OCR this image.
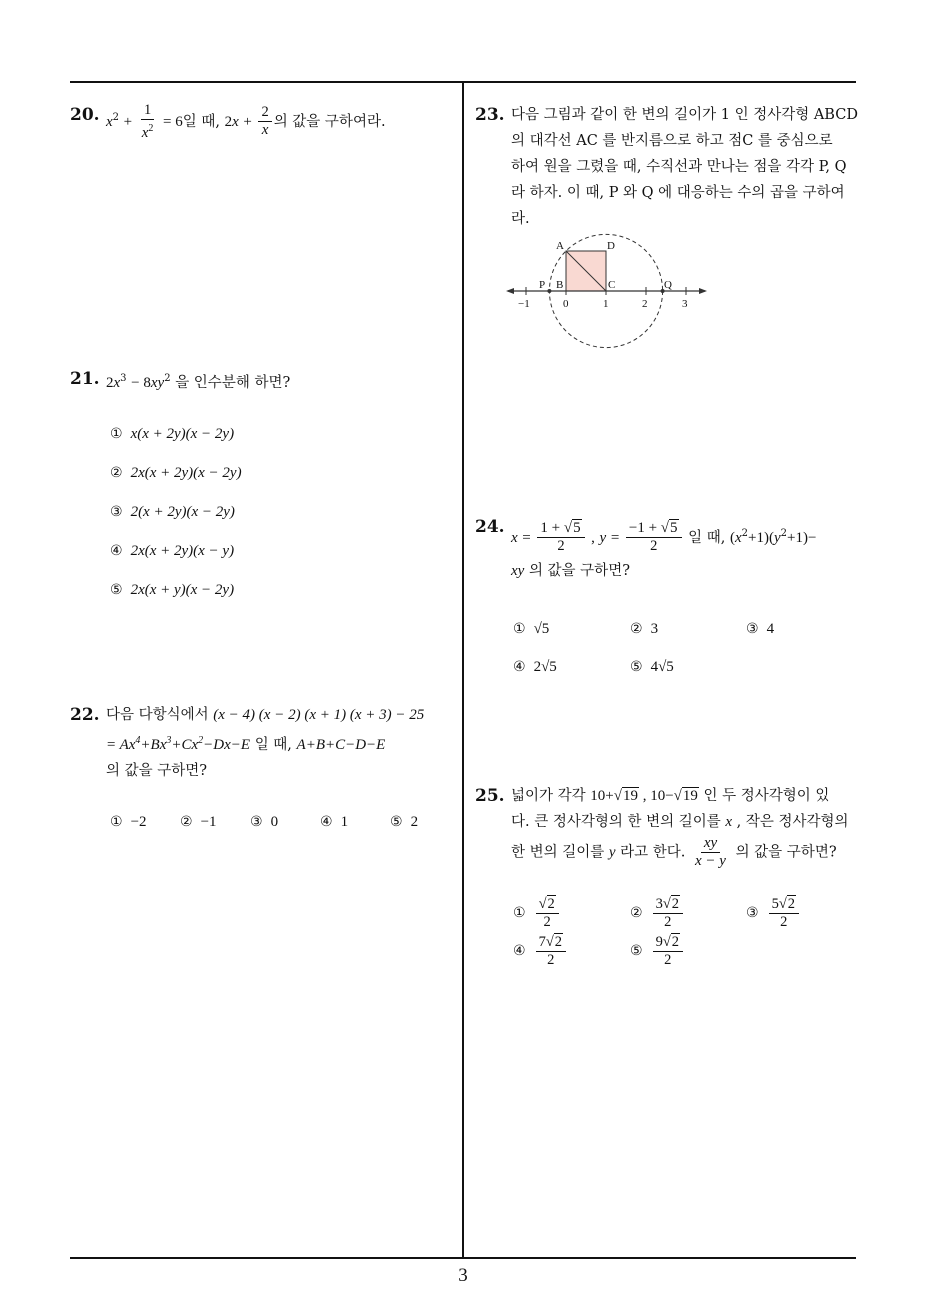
20. $x^2 + \frac{1}{x^2} = 6$일 때, $2x + \frac{2}{x}$ 의 값을 구하여라.
21. $2x^3 - 8xy^2$ 을 인수분해 하면?
① x(x + 2y)(x − 2y)
② 2x(x + 2y)(x − 2y)
③ 2(x + 2y)(x − 2y)
④ 2x(x + 2y)(x − y)
⑤ 2x(x + y)(x − 2y)
22. 다음 다항식에서 (x − 4) (x − 2) (x + 1) (x + 3) − 25
= $Ax^4+Bx^3+Cx^2-Dx-E$ 일 때, A+B+C−D−E
의 값을 구하면?
① −2 ② −1 ③ 0	④ 1	⑤ 2
23. 다음 그림과 같이 한 변의 길이가 1 인 정사각형 ABCD
의 대각선 AC 를 반지름으로 하고 점C 를 중심으로
하여 원을 그렸을 때, 수직선과 만나는 점을 각각 P, Q
라 하자. 이 때, P 와 Q 에 대응하는 수의 곱을 구하여
라.
A	D
B	C
P	Q
−1	0	1	2	3
24.
$x = \frac{1 + √5}{2}$ , $y = \frac{-1 + √5}{2}$ 일 때, $(x^2+1)(y^2+1)-$
xy 의 값을 구하면?
① √5	② 3	③ 4
④ 2√5	⑤ 4√5
25. 넓이가 각각 10+√19 , 10−√19 인 두 정사각형이 있
다. 큰 정사각형의 한 변의 길이를 x , 작은 정사각형의
한 변의 길이를 y 라고 한다. $\frac{xy}{x - y}$ 의 값을 구하면?
① $\frac{√2}{2}$	② $\frac{3√2}{2}$	③ $\frac{5√2}{2}$
④ $\frac{7√2}{2}$	⑤ $\frac{9√2}{2}$
3
